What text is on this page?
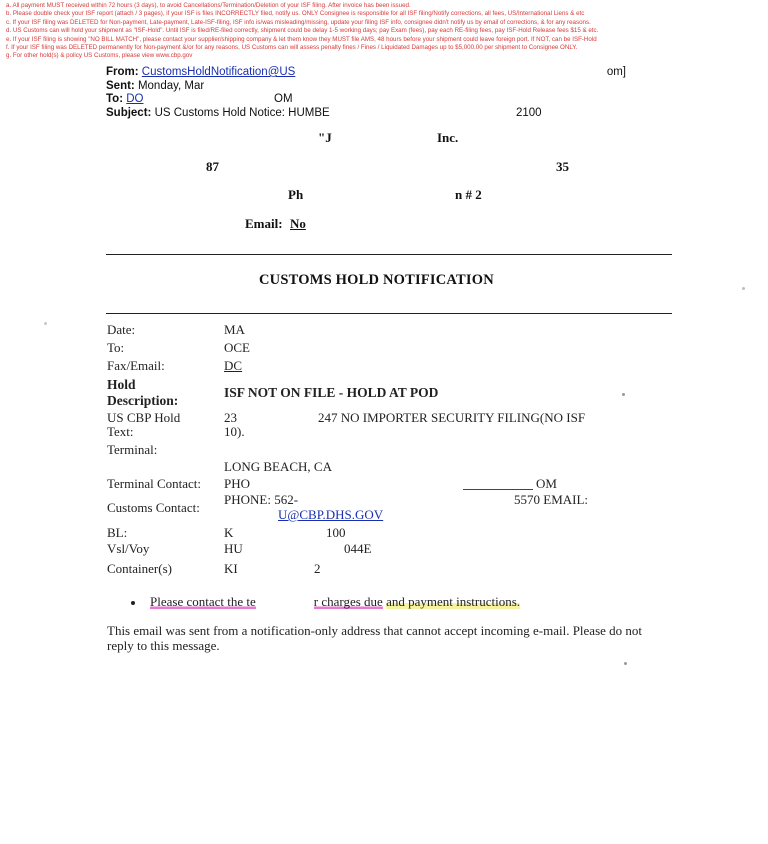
a. All payment MUST received within 72 hours (3 days), to avoid Cancellations/Termination/Deletion of your ISF filing. After invoice has been issued.
b. Please double check your ISF report (attach / 3 pages), if your ISF is files INCORRECTLY filed, notify us. ONLY Consignee is responsible for all ISF filing/Notify corrections, all fees, US/International Liens & etc
c. If your ISF filing was DELETED for Non-payment, Late-payment, Late-ISF-filing, ISF info is/was misleading/missing, update your filing ISF info, consignee didn't notify us by email of corrections, & for any reasons.
d. US Customs can will hold your shipment as "ISF-Hold". Until ISF is filed/RE-filed correctly, shipment could be delay 1-5 working days; pay Exam (fees), pay each RE-filing fees, pay ISF-Hold Release fees $15 & etc.
e. If your ISF filing is showing "NO BILL MATCH", please contact your supplier/shipping company & let them know they MUST file AMS, 48 hours before your shipment could leave foreign port. If NOT, can be ISF-Hold
f. If your ISF filing was DELETED permanently for Non-payment &/or for any reasons, US Customs can will assess penalty fines / Fines / Liquidated Damages up to $5,000.00 per shipment to Consignee ONLY.
g. For other hold(s) & policy US Customs, please view www.cbp.gov
From: CustomsHoldNotification@US	om]
Sent: Monday, Mar
To: DO	OM
Subject: US Customs Hold Notice: HUMBE	2100
"J	Inc.
87	35
Ph	n # 2
Email: No
CUSTOMS HOLD NOTIFICATION
Date:	MA
To:	OCE
Fax/Email:	DC
Hold
Description:
ISF NOT ON FILE - HOLD AT POD
US CBP Hold
Text:
23	247 NO IMPORTER SECURITY FILING(NO ISF
10).
Terminal:
LONG BEACH, CA
Terminal Contact: PHO	OM
Customs Contact:
PHONE: 562-	5570 EMAIL:
U@CBP.DHS.GOV
BL:	K	100
Vsl/Voy	HU	044E
Container(s)	KI	2
Please contact the te	r charges due and payment instructions.
This email was sent from a notification-only address that cannot accept incoming e-mail. Please do not reply to this message.
